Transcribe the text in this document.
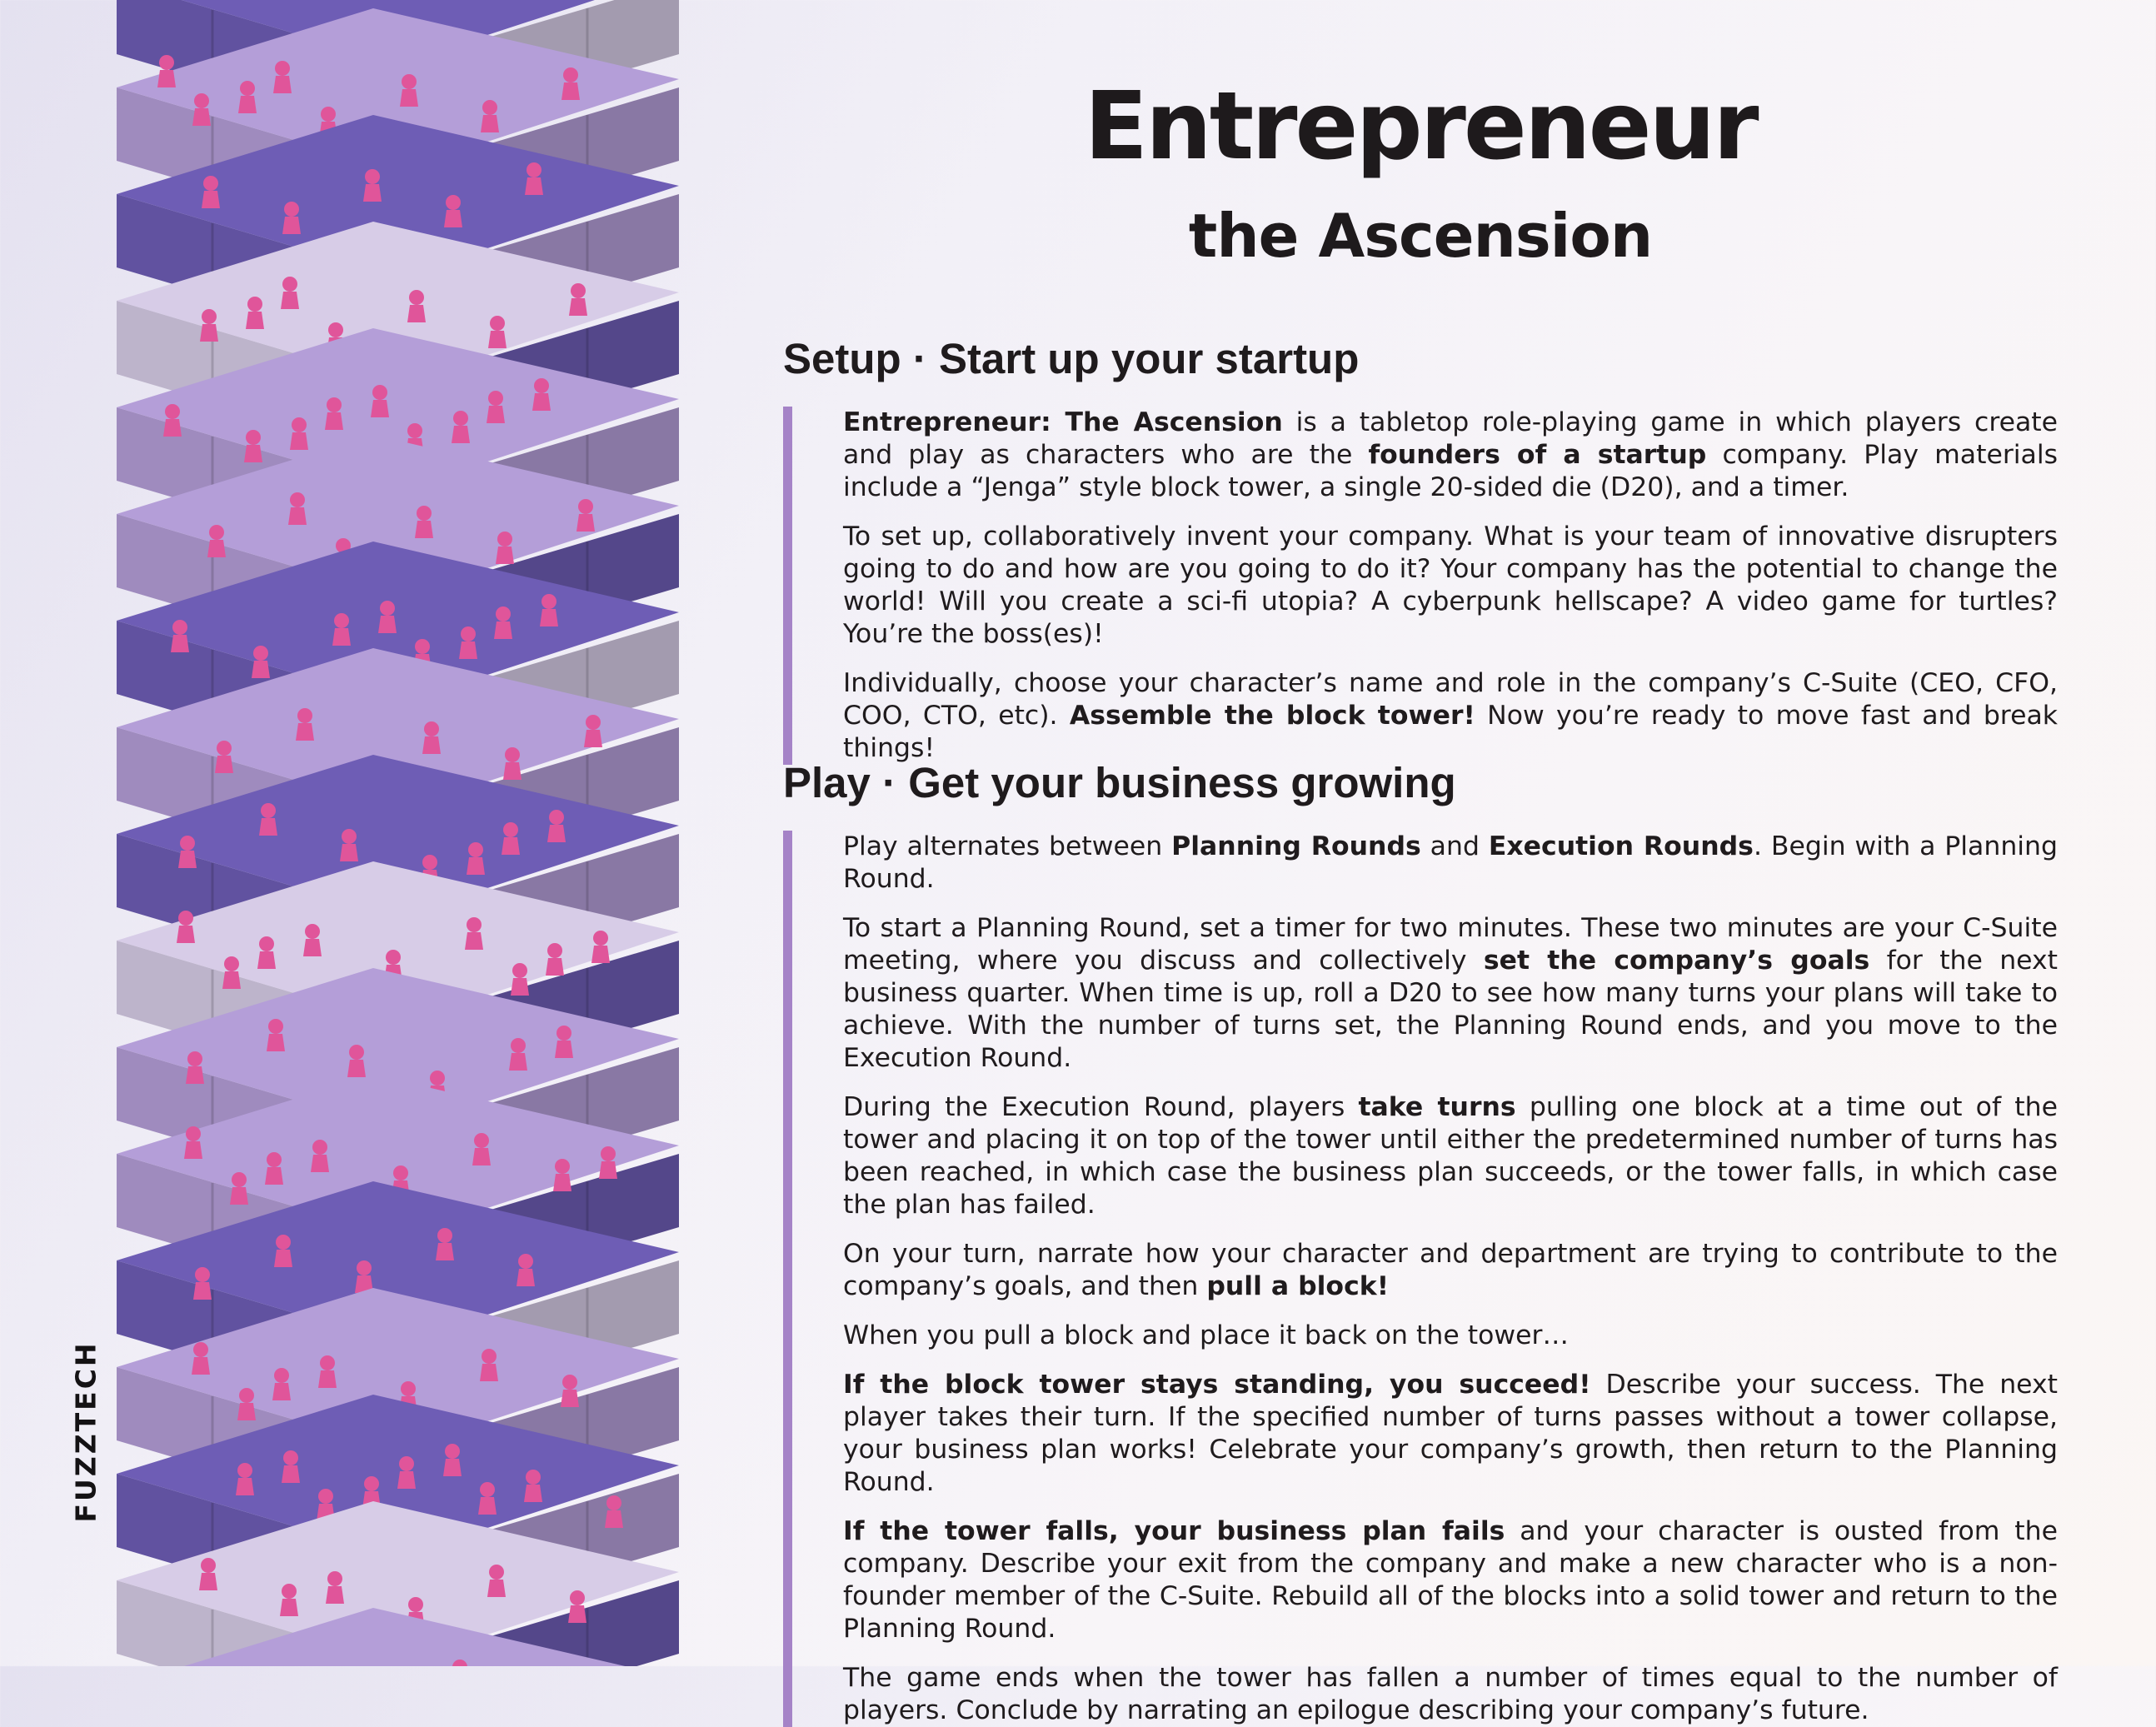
FUZZTECH
Entrepreneur
the Ascension
Setup · Start up your startup

Entrepreneur: The Ascension is a tabletop role-playing game in which players create and play as characters who are the founders of a startup company. Play materials include a “Jenga” style block tower, a single 20-sided die (D20), and a timer.

To set up, collaboratively invent your company. What is your team of innovative disrupters going to do and how are you going to do it? Your company has the potential to change the world! Will you create a sci-fi utopia? A cyberpunk hellscape? A video game for turtles? You’re the boss(es)!

Individually, choose your character’s name and role in the company’s C-Suite (CEO, CFO, COO, CTO, etc). Assemble the block tower! Now you’re ready to move fast and break things!

Play · Get your business growing

Play alternates between Planning Rounds and Execution Rounds. Begin with a Planning Round.

To start a Planning Round, set a timer for two minutes. These two minutes are your C-Suite meeting, where you discuss and collectively set the company’s goals for the next business quarter. When time is up, roll a D20 to see how many turns your plans will take to achieve. With the number of turns set, the Planning Round ends, and you move to the Execution Round.

During the Execution Round, players take turns pulling one block at a time out of the tower and placing it on top of the tower until either the predetermined number of turns has been reached, in which case the business plan succeeds, or the tower falls, in which case the plan has failed.

On your turn, narrate how your character and department are trying to contribute to the company’s goals, and then pull a block!

When you pull a block and place it back on the tower…

If the block tower stays standing, you succeed! Describe your success. The next player takes their turn. If the specified number of turns passes without a tower collapse, your business plan works! Celebrate your company’s growth, then return to the Planning Round.

If the tower falls, your business plan fails and your character is ousted from the company. Describe your exit from the company and make a new character who is a non-founder member of the C-Suite. Rebuild all of the blocks into a solid tower and return to the Planning Round.

The game ends when the tower has fallen a number of times equal to the number of players. Conclude by narrating an epilogue describing your company’s future.
